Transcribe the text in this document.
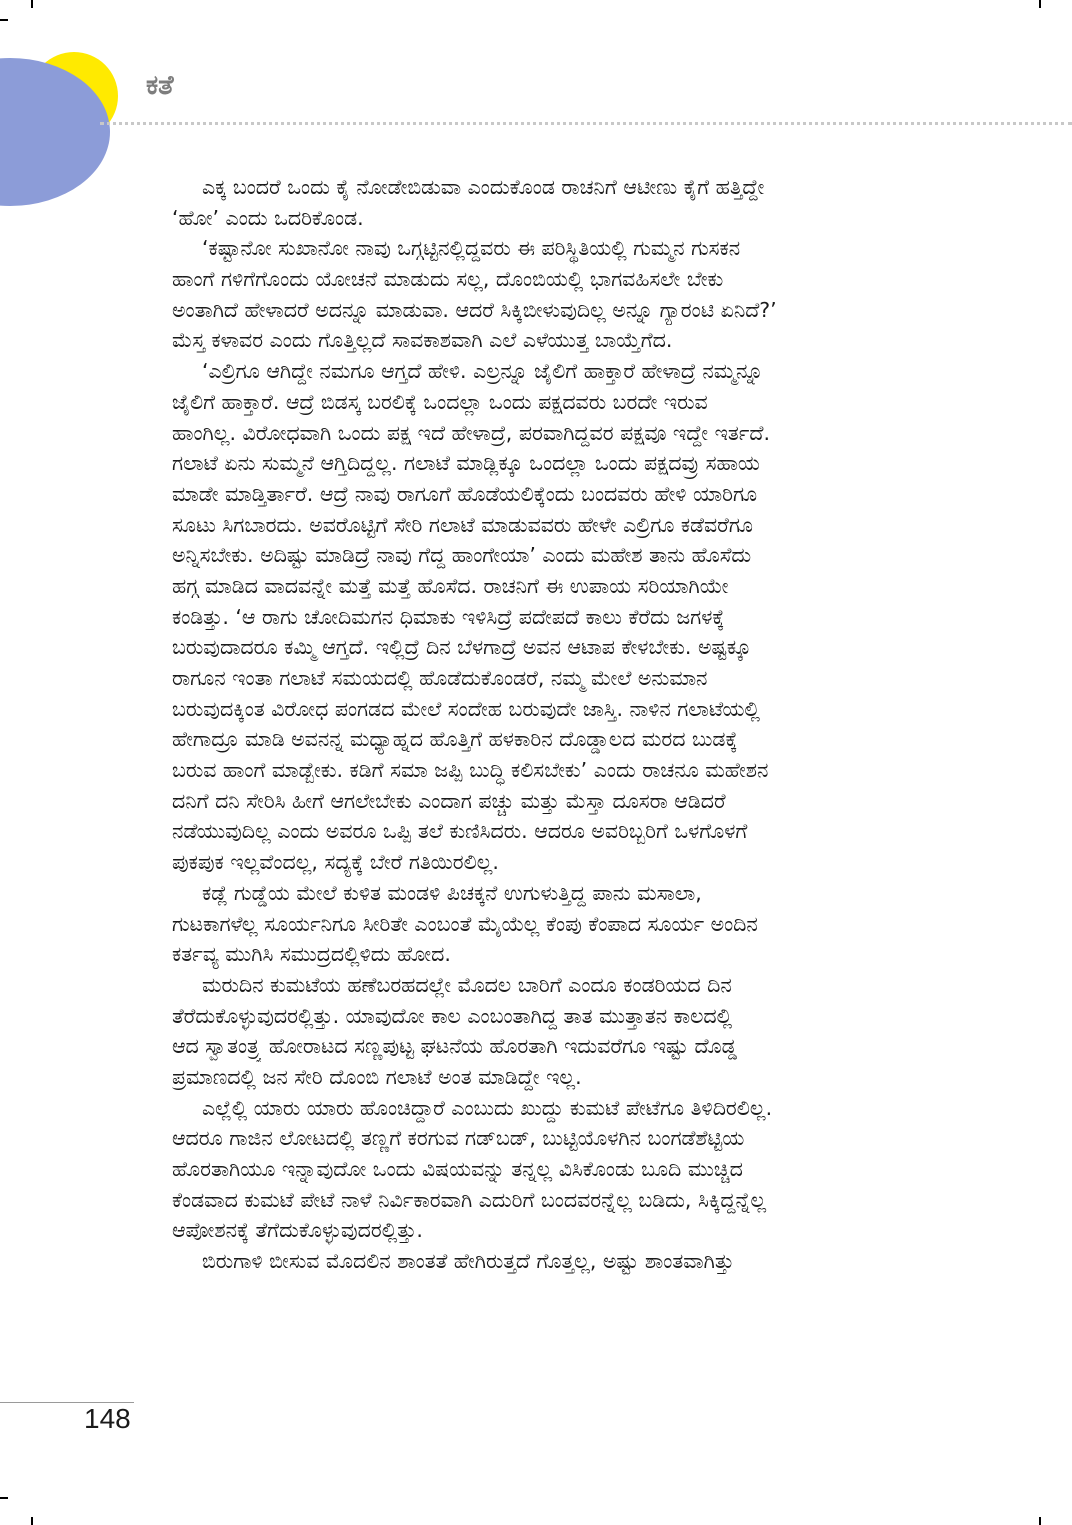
ಕತೆ
ಎಕ್ಕ ಬಂದರೆ ಒಂದು ಕೈ ನೋಡೇಬಿಡುವಾ ಎಂದುಕೊಂಡ ರಾಚನಿಗೆ ಆಟೀಣು ಕೈಗೆ ಹತ್ತಿದ್ದೇ
‘ಹೋ’ ಎಂದು ಒದರಿಕೊಂಡ.
‘ಕಷ್ಟಾನೋ ಸುಖಾನೋ ನಾವು ಒಗ್ಗಟ್ಟಿನಲ್ಲಿದ್ದವರು ಈ ಪರಿಸ್ಥಿತಿಯಲ್ಲಿ ಗುಮ್ಮನ ಗುಸಕನ
ಹಾಂಗೆ ಗಳಿಗೆಗೊಂದು ಯೋಚನೆ ಮಾಡುದು ಸಲ್ಲ, ದೊಂಬಿಯಲ್ಲಿ ಭಾಗವಹಿಸಲೇ ಬೇಕು
ಅಂತಾಗಿದೆ ಹೇಳಾದರೆ ಅದನ್ನೂ ಮಾಡುವಾ. ಆದರೆ ಸಿಕ್ಕಿಬೀಳುವುದಿಲ್ಲ ಅನ್ನೂ ಗ್ಯಾರಂಟಿ ಏನಿದೆ?’
ಮೆಸ್ತ ಕಳಾವರ ಎಂದು ಗೊತ್ತಿಲ್ಲದೆ ಸಾವಕಾಶವಾಗಿ ಎಲೆ ಎಳೆಯುತ್ತ ಬಾಯ್ತೆಗೆದ.
‘ಎಲ್ರಿಗೂ ಆಗಿದ್ದೇ ನಮಗೂ ಆಗ್ತದೆ ಹೇಳಿ. ಎಲ್ರನ್ನೂ ಜೈಲಿಗೆ ಹಾಕ್ತಾರೆ ಹೇಳಾದ್ರೆ ನಮ್ಮನ್ನೂ
ಜೈಲಿಗೆ ಹಾಕ್ತಾರೆ. ಆದ್ರೆ ಬಿಡಸ್ಕ ಬರಲಿಕ್ಕೆ ಒಂದಲ್ಲಾ ಒಂದು ಪಕ್ಷದವರು ಬರದೇ ಇರುವ
ಹಾಂಗಿಲ್ಲ. ವಿರೋಧವಾಗಿ ಒಂದು ಪಕ್ಷ ಇದೆ ಹೇಳಾದ್ರೆ, ಪರವಾಗಿದ್ದವರ ಪಕ್ಷವೂ ಇದ್ದೇ ಇರ್ತದೆ.
ಗಲಾಟೆ ಏನು ಸುಮ್ಮನೆ ಆಗ್ತಿದಿದ್ದಲ್ಲ. ಗಲಾಟೆ ಮಾಡ್ಲಿಕ್ಕೂ ಒಂದಲ್ಲಾ ಒಂದು ಪಕ್ಷದವ್ರು ಸಹಾಯ
ಮಾಡೇ ಮಾಡ್ತಿರ್ತಾರೆ. ಆದ್ರೆ ನಾವು ರಾಗೂಗೆ ಹೊಡೆಯಲಿಕ್ಕೆಂದು ಬಂದವರು ಹೇಳಿ ಯಾರಿಗೂ
ಸೂಟು ಸಿಗಬಾರದು. ಅವರೊಟ್ಟಿಗೆ ಸೇರಿ ಗಲಾಟೆ ಮಾಡುವವರು ಹೇಳೇ ಎಲ್ರಿಗೂ ಕಡೆವರೆಗೂ
ಅನ್ನಿಸಬೇಕು. ಅದಿಷ್ಟು ಮಾಡಿದ್ರೆ ನಾವು ಗೆದ್ದ ಹಾಂಗೇಯಾ’ ಎಂದು ಮಹೇಶ ತಾನು ಹೊಸೆದು
ಹಗ್ಗ ಮಾಡಿದ ವಾದವನ್ನೇ ಮತ್ತೆ ಮತ್ತೆ ಹೊಸೆದ. ರಾಚನಿಗೆ ಈ ಉಪಾಯ ಸರಿಯಾಗಿಯೇ
ಕಂಡಿತ್ತು. ‘ಆ ರಾಗು ಚೋದಿಮಗನ ಧಿಮಾಕು ಇಳಿಸಿದ್ರೆ ಪದೇಪದೆ ಕಾಲು ಕೆರೆದು ಜಗಳಕ್ಕೆ
ಬರುವುದಾದರೂ ಕಮ್ಮಿ ಆಗ್ತದೆ. ಇಲ್ಲಿದ್ರೆ ದಿನ ಬೆಳಗಾದ್ರೆ ಅವನ ಆಟಾಪ ಕೇಳಬೇಕು. ಅಷ್ಟಕ್ಕೂ
ರಾಗೂನ ಇಂತಾ ಗಲಾಟೆ ಸಮಯದಲ್ಲಿ ಹೊಡೆದುಕೊಂಡರೆ, ನಮ್ಮ ಮೇಲೆ ಅನುಮಾನ
ಬರುವುದಕ್ಕಿಂತ ವಿರೋಧ ಪಂಗಡದ ಮೇಲೆ ಸಂದೇಹ ಬರುವುದೇ ಜಾಸ್ತಿ. ನಾಳಿನ ಗಲಾಟೆಯಲ್ಲಿ
ಹೇಗಾದ್ರೂ ಮಾಡಿ ಅವನನ್ನ ಮಧ್ಯಾಹ್ನದ ಹೊತ್ತಿಗೆ ಹಳಕಾರಿನ ದೊಡ್ಡಾಲದ ಮರದ ಬುಡಕ್ಕೆ
ಬರುವ ಹಾಂಗೆ ಮಾಡ್ಬೇಕು. ಕಡಿಗೆ ಸಮಾ ಜಪ್ಪಿ ಬುದ್ಧಿ ಕಲಿಸಬೇಕು’ ಎಂದು ರಾಚನೂ ಮಹೇಶನ
ದನಿಗೆ ದನಿ ಸೇರಿಸಿ ಹೀಗೆ ಆಗಲೇಬೇಕು ಎಂದಾಗ ಪಚ್ಚು ಮತ್ತು ಮೆಸ್ತಾ ದೂಸರಾ ಆಡಿದರೆ
ನಡೆಯುವುದಿಲ್ಲ ಎಂದು ಅವರೂ ಒಪ್ಪಿ ತಲೆ ಕುಣಿಸಿದರು. ಆದರೂ ಅವರಿಬ್ಬರಿಗೆ ಒಳಗೊಳಗೆ
ಪುಕಪುಕ ಇಲ್ಲವೆಂದಲ್ಲ, ಸದ್ಯಕ್ಕೆ ಬೇರೆ ಗತಿಯಿರಲಿಲ್ಲ.
ಕಡ್ಲೆ ಗುಡ್ಡೆಯ ಮೇಲೆ ಕುಳಿತ ಮಂಡಳಿ ಪಿಚಕ್ಕನೆ ಉಗುಳುತ್ತಿದ್ದ ಪಾನು ಮಸಾಲಾ,
ಗುಟಕಾಗಳೆಲ್ಲ ಸೂರ್ಯನಿಗೂ ಸೀರಿತೇ ಎಂಬಂತೆ ಮೈಯೆಲ್ಲ ಕೆಂಪು ಕೆಂಪಾದ ಸೂರ್ಯ ಅಂದಿನ
ಕರ್ತವ್ಯ ಮುಗಿಸಿ ಸಮುದ್ರದಲ್ಲಿಳಿದು ಹೋದ.
ಮರುದಿನ ಕುಮಟೆಯ ಹಣೆಬರಹದಲ್ಲೇ ಮೊದಲ ಬಾರಿಗೆ ಎಂದೂ ಕಂಡರಿಯದ ದಿನ
ತೆರೆದುಕೊಳ್ಳುವುದರಲ್ಲಿತ್ತು. ಯಾವುದೋ ಕಾಲ ಎಂಬಂತಾಗಿದ್ದ ತಾತ ಮುತ್ತಾತನ ಕಾಲದಲ್ಲಿ
ಆದ ಸ್ವಾತಂತ್ರ್ಯ ಹೋರಾಟದ ಸಣ್ಣಪುಟ್ಟ ಘಟನೆಯ ಹೊರತಾಗಿ ಇದುವರೆಗೂ ಇಷ್ಟು ದೊಡ್ಡ
ಪ್ರಮಾಣದಲ್ಲಿ ಜನ ಸೇರಿ ದೊಂಬಿ ಗಲಾಟೆ ಅಂತ ಮಾಡಿದ್ದೇ ಇಲ್ಲ.
ಎಲ್ಲೆಲ್ಲಿ ಯಾರು ಯಾರು ಹೊಂಚಿದ್ದಾರೆ ಎಂಬುದು ಖುದ್ದು ಕುಮಟೆ ಪೇಟೆಗೂ ತಿಳಿದಿರಲಿಲ್ಲ.
ಆದರೂ ಗಾಜಿನ ಲೋಟದಲ್ಲಿ ತಣ್ಣಗೆ ಕರಗುವ ಗಡ್‌ಬಡ್, ಬುಟ್ಟಿಯೊಳಗಿನ ಬಂಗಡೆಶೆಟ್ಟಿಯ
ಹೊರತಾಗಿಯೂ ಇನ್ನಾವುದೋ ಒಂದು ವಿಷಯವನ್ನು ತನ್ನಲ್ಲ ವಿಸಿಕೊಂಡು ಬೂದಿ ಮುಚ್ಚಿದ
ಕೆಂಡವಾದ ಕುಮಟೆ ಪೇಟೆ ನಾಳೆ ನಿರ್ವಿಕಾರವಾಗಿ ಎದುರಿಗೆ ಬಂದವರನ್ನೆಲ್ಲ ಬಡಿದು, ಸಿಕ್ಕಿದ್ದನ್ನೆಲ್ಲ
ಆಪೋಶನಕ್ಕೆ ತೆಗೆದುಕೊಳ್ಳುವುದರಲ್ಲಿತ್ತು.
ಬಿರುಗಾಳಿ ಬೀಸುವ ಮೊದಲಿನ ಶಾಂತತೆ ಹೇಗಿರುತ್ತದೆ ಗೊತ್ತಲ್ಲ, ಅಷ್ಟು ಶಾಂತವಾಗಿತ್ತು
148
